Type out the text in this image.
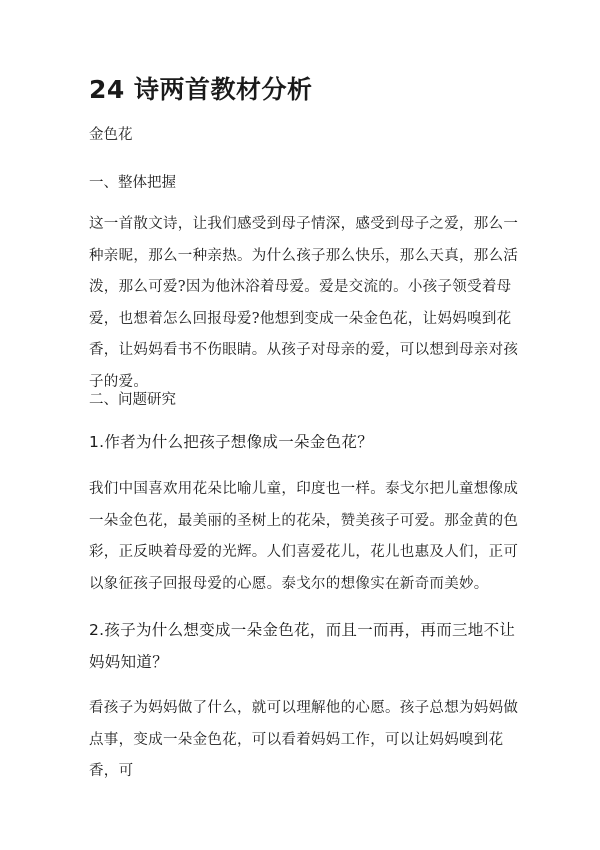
24 诗两首教材分析

金色花

一、整体把握

这一首散文诗，让我们感受到母子情深，感受到母子之爱，那么一种亲昵，那么一种亲热。为什么孩子那么快乐，那么天真，那么活泼，那么可爱?因为他沐浴着母爱。爱是交流的。小孩子领受着母爱，也想着怎么回报母爱?他想到变成一朵金色花，让妈妈嗅到花香，让妈妈看书不伤眼睛。从孩子对母亲的爱，可以想到母亲对孩子的爱。

二、问题研究

1.作者为什么把孩子想像成一朵金色花？

我们中国喜欢用花朵比喻儿童，印度也一样。泰戈尔把儿童想像成一朵金色花，最美丽的圣树上的花朵，赞美孩子可爱。那金黄的色彩，正反映着母爱的光辉。人们喜爱花儿，花儿也惠及人们，正可以象征孩子回报母爱的心愿。泰戈尔的想像实在新奇而美妙。

2.孩子为什么想变成一朵金色花，而且一而再，再而三地不让妈妈知道？

看孩子为妈妈做了什么，就可以理解他的心愿。孩子总想为妈妈做点事，变成一朵金色花，可以看着妈妈工作，可以让妈妈嗅到花香，可
